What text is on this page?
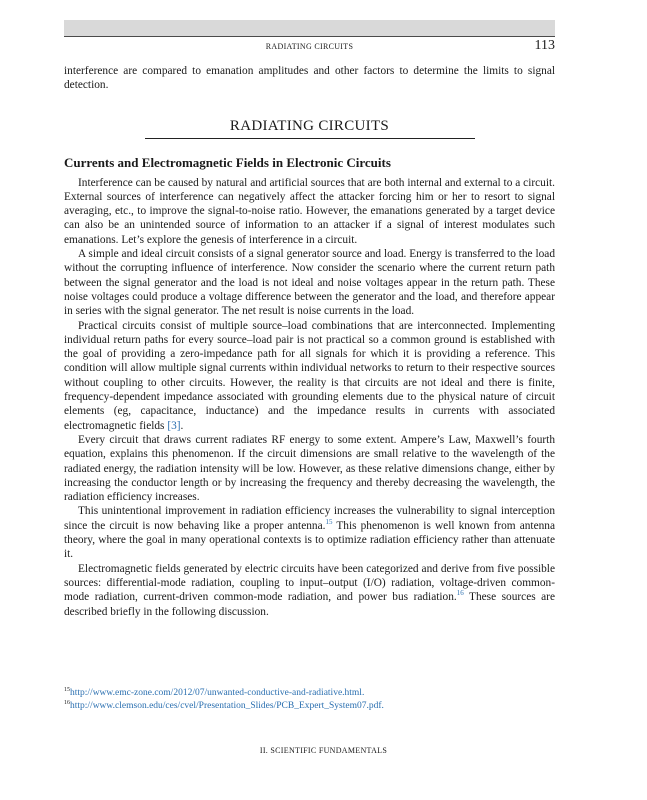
RADIATING CIRCUITS	113

interference are compared to emanation amplitudes and other factors to determine the limits to signal detection.

RADIATING CIRCUITS
Currents and Electromagnetic Fields in Electronic Circuits

Interference can be caused by natural and artificial sources that are both internal and external to a circuit. External sources of interference can negatively affect the attacker forcing him or her to resort to signal averaging, etc., to improve the signal-to-noise ratio. However, the emanations generated by a target device can also be an unintended source of information to an attacker if a signal of interest modulates such emanations. Let’s explore the genesis of interference in a circuit.

A simple and ideal circuit consists of a signal generator source and load. Energy is transferred to the load without the corrupting influence of interference. Now consider the scenario where the current return path between the signal generator and the load is not ideal and noise voltages appear in the return path. These noise voltages could produce a voltage difference between the generator and the load, and therefore appear in series with the signal generator. The net result is noise currents in the load.

Practical circuits consist of multiple source–load combinations that are interconnected. Implementing individual return paths for every source–load pair is not practical so a common ground is established with the goal of providing a zero-impedance path for all signals for which it is providing a reference. This condition will allow multiple signal currents within individual networks to return to their respective sources without coupling to other circuits. However, the reality is that circuits are not ideal and there is finite, frequency-dependent impedance associated with grounding elements due to the physical nature of circuit elements (eg, capacitance, inductance) and the impedance results in currents with associated electromagnetic fields [3].

Every circuit that draws current radiates RF energy to some extent. Ampere’s Law, Maxwell’s fourth equation, explains this phenomenon. If the circuit dimensions are small relative to the wavelength of the radiated energy, the radiation intensity will be low. However, as these relative dimensions change, either by increasing the conductor length or by increasing the frequency and thereby decreasing the wavelength, the radiation efficiency increases.

This unintentional improvement in radiation efficiency increases the vulnerability to signal interception since the circuit is now behaving like a proper antenna.$^{15}$ This phenomenon is well known from antenna theory, where the goal in many operational contexts is to optimize radiation efficiency rather than attenuate it.

Electromagnetic fields generated by electric circuits have been categorized and derive from five possible sources: differential-mode radiation, coupling to input–output (I/O) radiation, voltage-driven common-mode radiation, current-driven common-mode radiation, and power bus radiation.$^{16}$ These sources are described briefly in the following discussion.

$^{15}$http://www.emc-zone.com/2012/07/unwanted-conductive-and-radiative.html.

$^{16}$http://www.clemson.edu/ces/cvel/Presentation_Slides/PCB_Expert_System07.pdf.

II. SCIENTIFIC FUNDAMENTALS
